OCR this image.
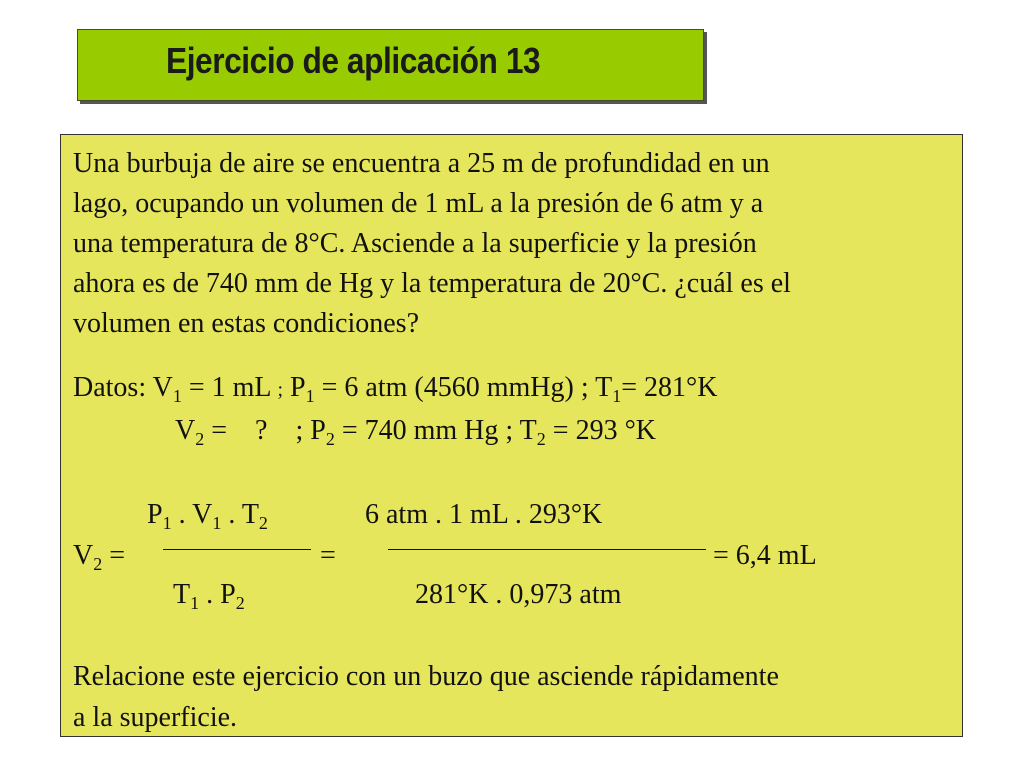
Ejercicio de aplicación 13
Una burbuja de aire se encuentra a 25 m de profundidad en un
lago, ocupando un volumen de 1 mL a la presión de 6 atm y a
una temperatura de 8°C. Asciende a la superficie y la presión
ahora es de 740 mm de Hg y la temperatura de 20°C. ¿cuál es el
volumen en estas condiciones?
Datos: $V_1 = 1$ mL ; $P_1 = 6$ atm (4560 mmHg) ; $T_1= 281^\circ K$
$V_2$ =    ?    ; $P_2 = 740$ mm Hg ; $T_2 = 293$ °K
$P_1$ . $V_1$ . $T_2$	6 atm . 1 mL . 293°K
$V_2$ =	=	= 6,4 mL
$T_1$ . $P_2$	281°K . 0,973 atm
Relacione este ejercicio con un buzo que asciende rápidamente
a la superficie.
